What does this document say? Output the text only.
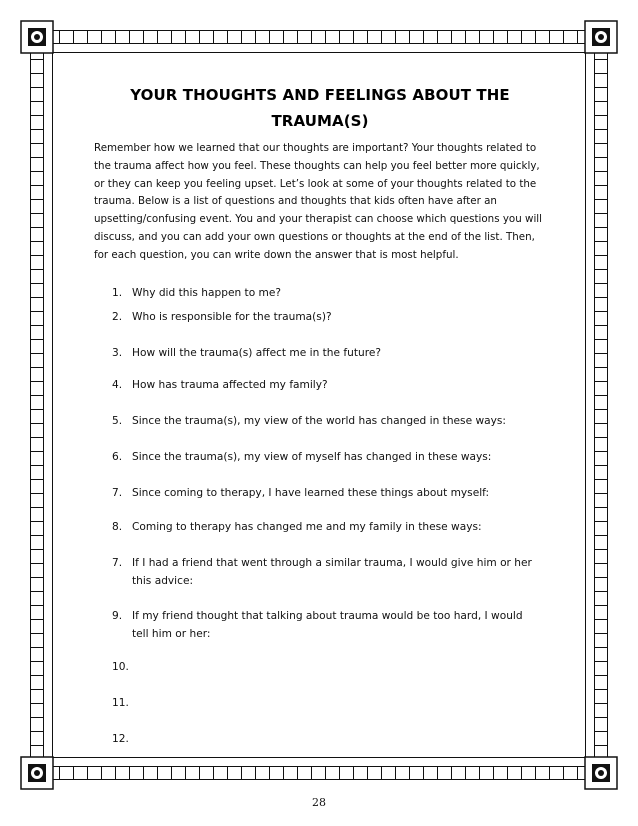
YOUR THOUGHTS AND FEELINGS ABOUT THE
TRAUMA(S)
Remember how we learned that our thoughts are important? Your thoughts related to the trauma affect how you feel. These thoughts can help you feel better more quickly, or they can keep you feeling upset. Let’s look at some of your thoughts related to the trauma. Below is a list of questions and thoughts that kids often have after an upsetting/confusing event. You and your therapist can choose which questions you will discuss, and you can add your own questions or thoughts at the end of the list. Then, for each question, you can write down the answer that is most helpful.
1. Why did this happen to me?
2. Who is responsible for the trauma(s)?
3. How will the trauma(s) affect me in the future?
4. How has trauma affected my family?
5. Since the trauma(s), my view of the world has changed in these ways:
6. Since the trauma(s), my view of myself has changed in these ways:
7. Since coming to therapy, I have learned these things about myself:
8. Coming to therapy has changed me and my family in these ways:
7. If I had a friend that went through a similar trauma, I would give him or her this advice:
9. If my friend thought that talking about trauma would be too hard, I would tell him or her:
10.
11.
12.
28
